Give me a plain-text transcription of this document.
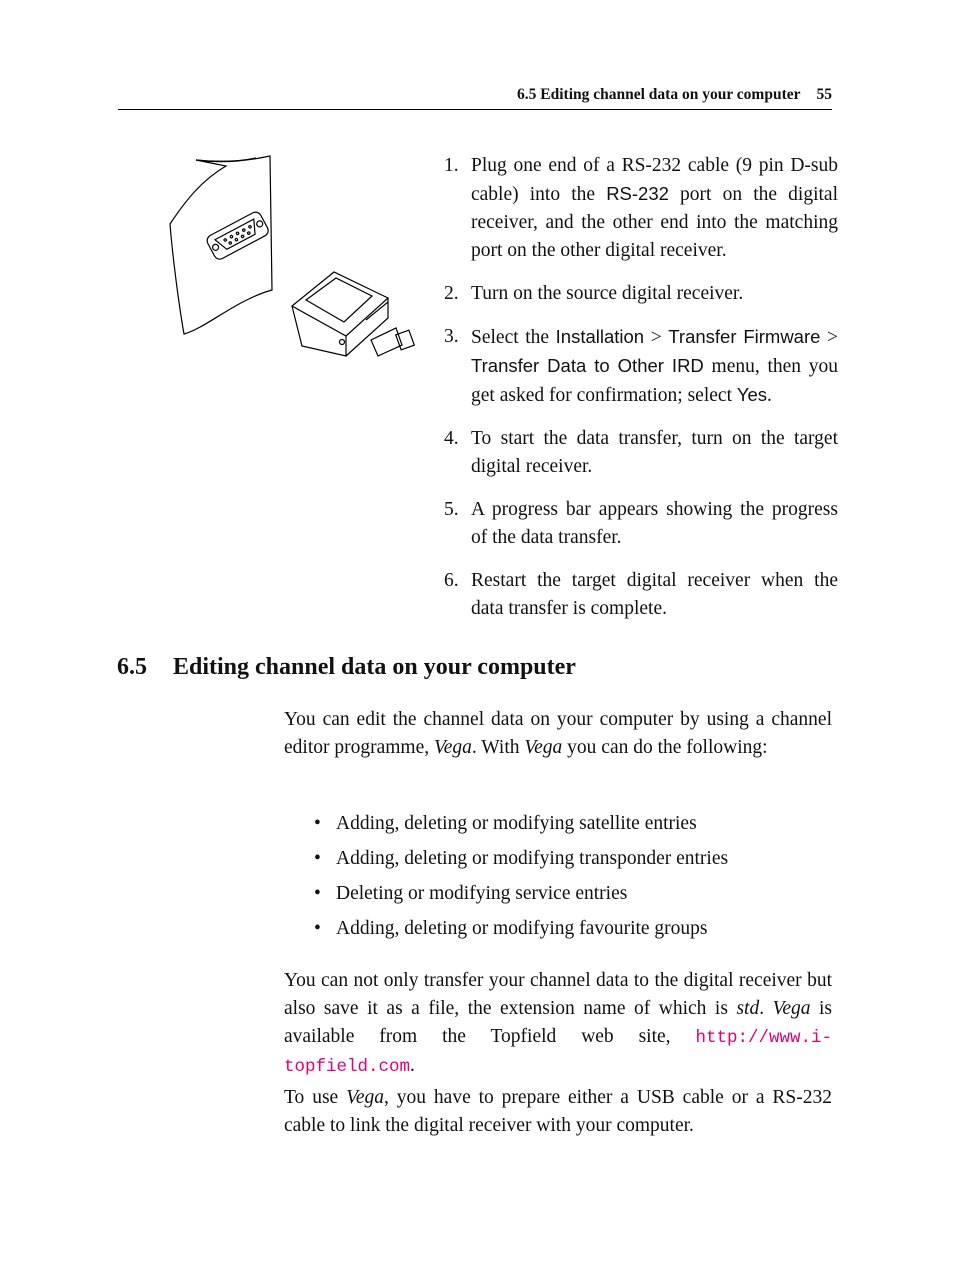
6.5 Editing channel data on your computer 55
1. Plug one end of a RS-232 cable (9 pin D-sub cable) into the RS-232 port on the digital receiver, and the other end into the matching port on the other digital receiver.
2. Turn on the source digital receiver.
3. Select the Installation > Transfer Firmware > Transfer Data to Other IRD menu, then you get asked for confirmation; select Yes.
4. To start the data transfer, turn on the target digital receiver.
5. A progress bar appears showing the progress of the data transfer.
6. Restart the target digital receiver when the data transfer is complete.
6.5 Editing channel data on your computer

You can edit the channel data on your computer by using a channel editor programme, Vega. With Vega you can do the following:

• Adding, deleting or modifying satellite entries
• Adding, deleting or modifying transponder entries
• Deleting or modifying service entries
• Adding, deleting or modifying favourite groups

You can not only transfer your channel data to the digital receiver but also save it as a file, the extension name of which is std. Vega is available from the Topfield web site, http://www.i-topfield.com.

To use Vega, you have to prepare either a USB cable or a RS-232 cable to link the digital receiver with your computer.
